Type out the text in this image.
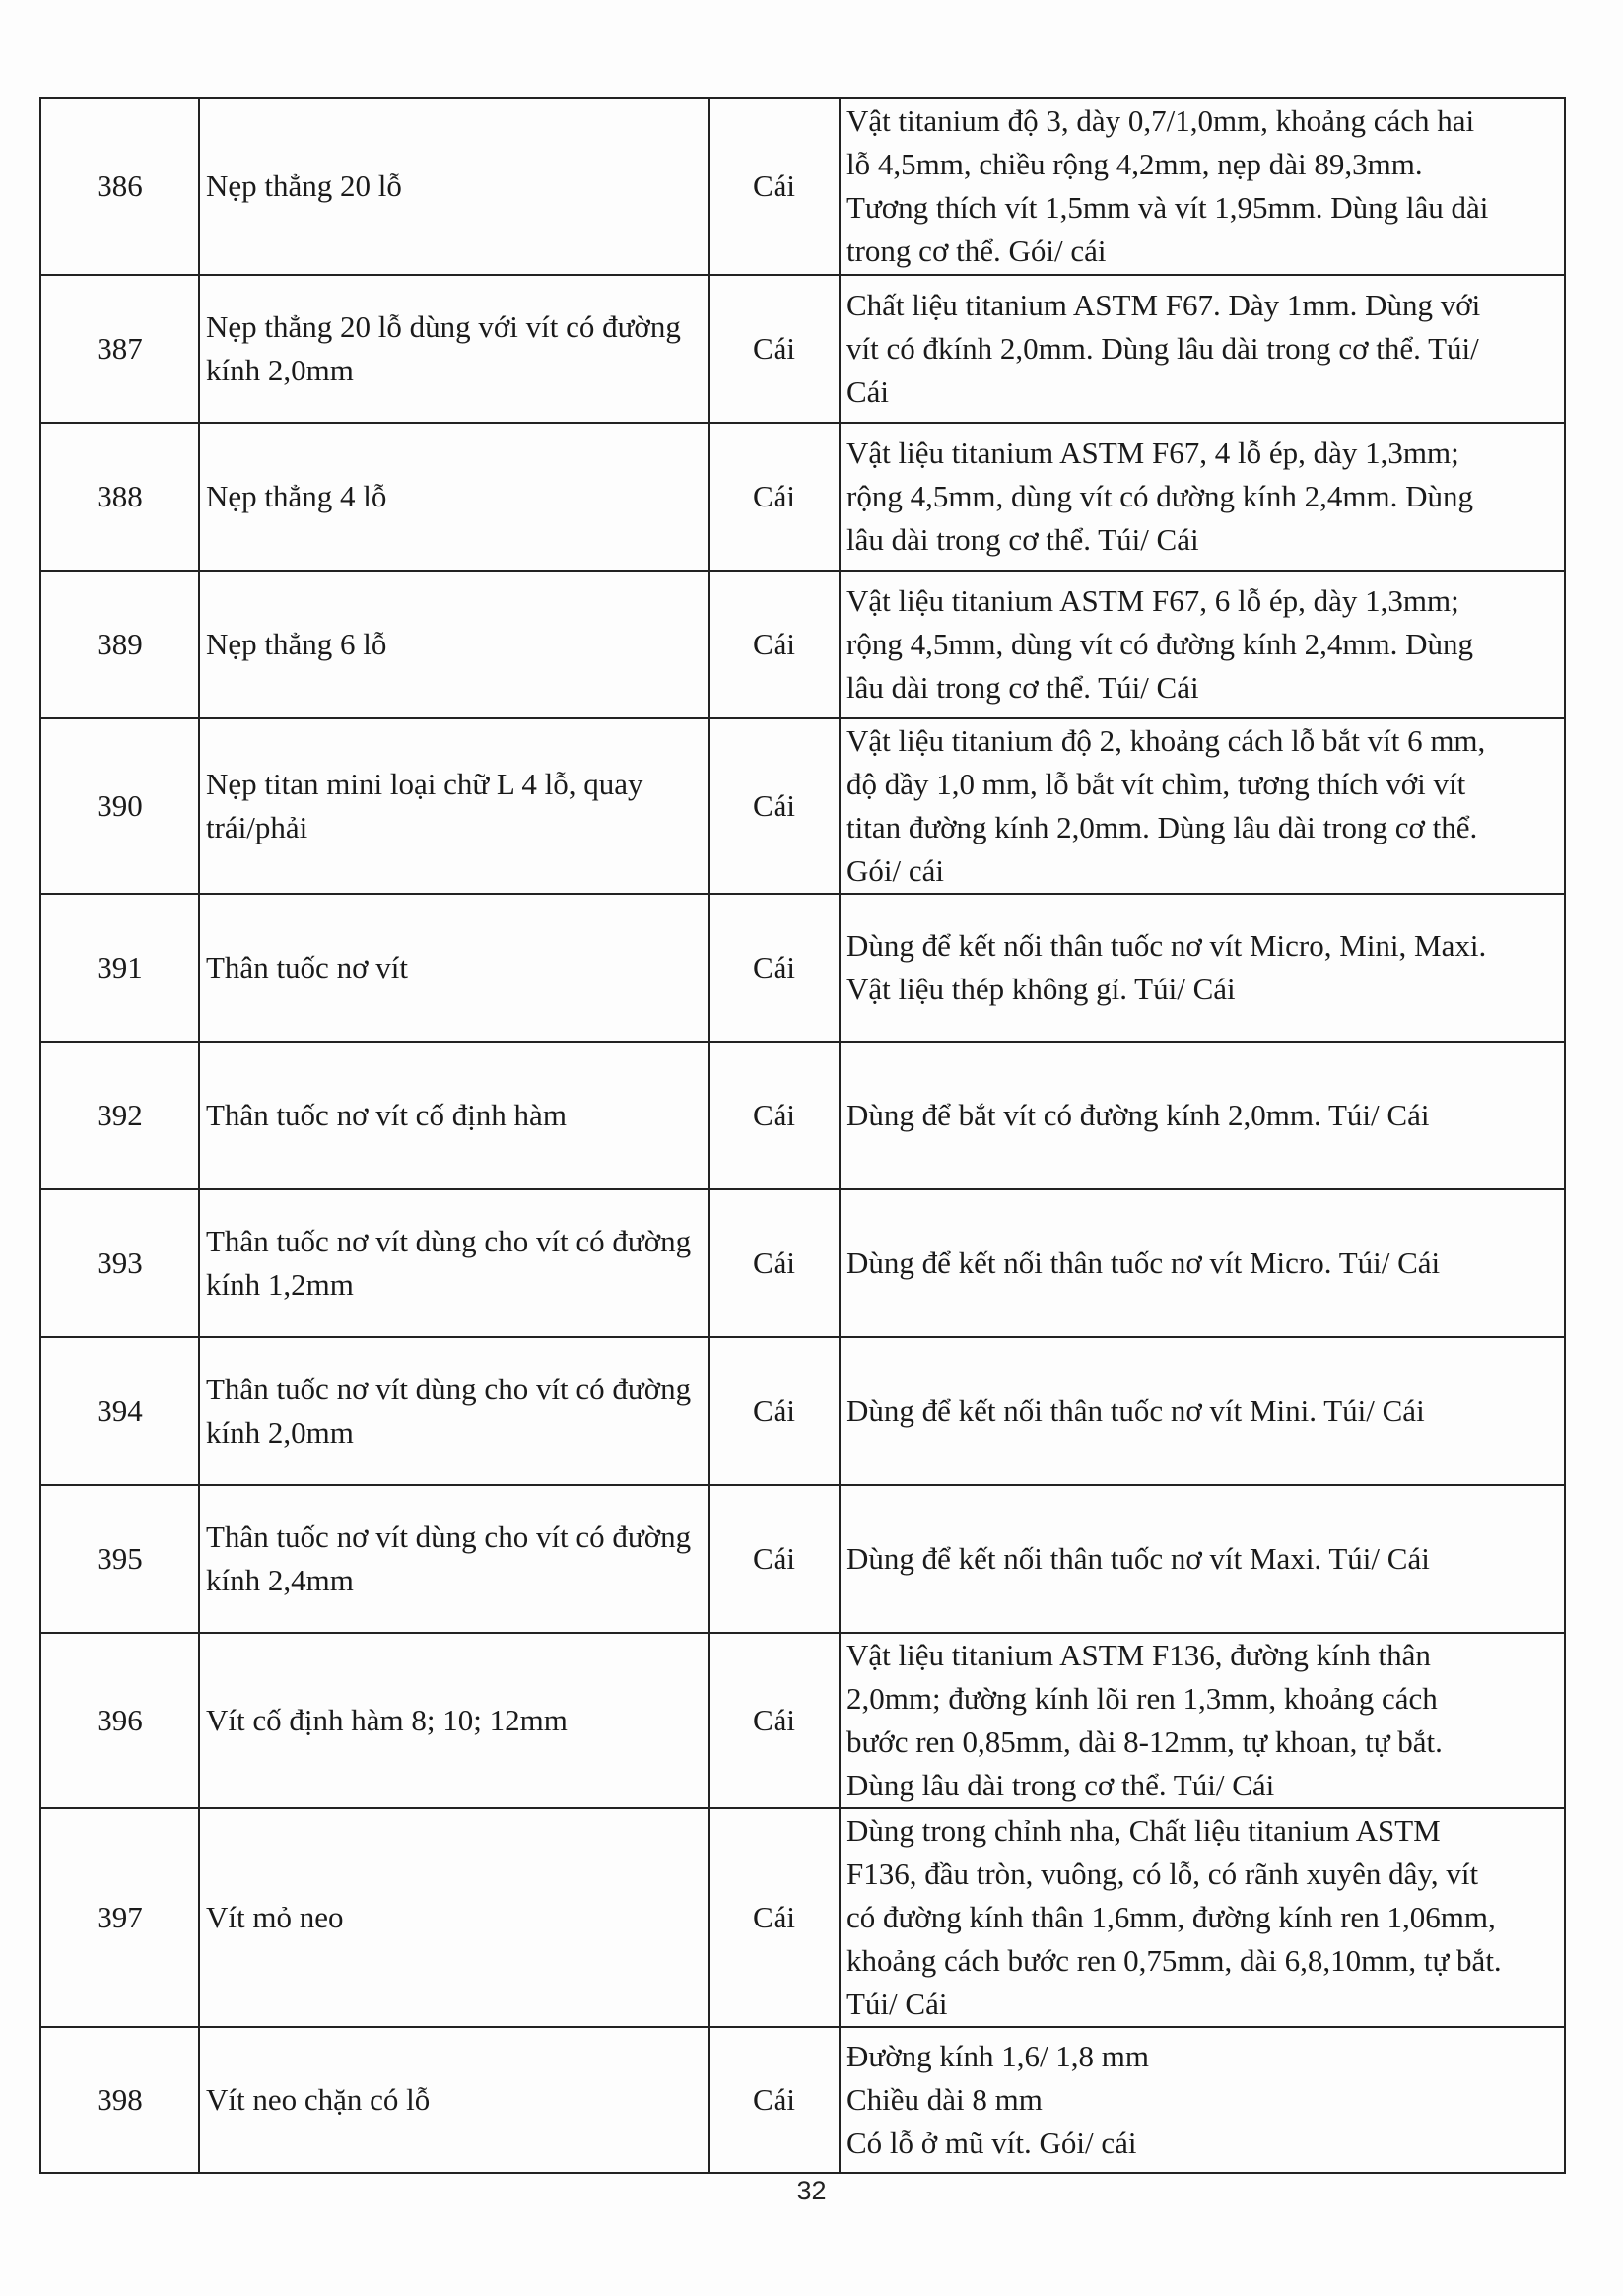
386	Nẹp thẳng 20 lỗ	Cái	Vật titanium độ 3, dày 0,7/1,0mm, khoảng cách hai
lỗ 4,5mm, chiều rộng 4,2mm, nẹp dài 89,3mm.
Tương thích vít 1,5mm và vít 1,95mm. Dùng lâu dài
trong cơ thể. Gói/ cái

387	Nẹp thẳng 20 lỗ dùng với vít có đường kính 2,0mm	Cái	Chất liệu titanium ASTM F67. Dày 1mm. Dùng với
vít có đkính 2,0mm. Dùng lâu dài trong cơ thể. Túi/
Cái

388	Nẹp thẳng 4 lỗ	Cái	Vật liệu titanium ASTM F67, 4 lỗ ép, dày 1,3mm;
rộng 4,5mm, dùng vít có dường kính 2,4mm. Dùng
lâu dài trong cơ thể. Túi/ Cái

389	Nẹp thẳng 6 lỗ	Cái	Vật liệu titanium ASTM F67, 6 lỗ ép, dày 1,3mm;
rộng 4,5mm, dùng vít có đường kính 2,4mm. Dùng
lâu dài trong cơ thể. Túi/ Cái

390	Nẹp titan mini loại chữ L 4 lỗ, quay trái/phải	Cái	Vật liệu titanium độ 2, khoảng cách lỗ bắt vít 6 mm,
độ dầy 1,0 mm, lỗ bắt vít chìm, tương thích với vít
titan đường kính 2,0mm. Dùng lâu dài trong cơ thể.
Gói/ cái

391	Thân tuốc nơ vít	Cái	Dùng để kết nối thân tuốc nơ vít Micro, Mini, Maxi.
Vật liệu thép không gỉ. Túi/ Cái

392	Thân tuốc nơ vít cố định hàm	Cái	Dùng để bắt vít có đường kính 2,0mm. Túi/ Cái

393	Thân tuốc nơ vít dùng cho vít có đường kính 1,2mm	Cái	Dùng để kết nối thân tuốc nơ vít Micro. Túi/ Cái

394	Thân tuốc nơ vít dùng cho vít có đường kính 2,0mm	Cái	Dùng để kết nối thân tuốc nơ vít Mini. Túi/ Cái

395	Thân tuốc nơ vít dùng cho vít có đường kính 2,4mm	Cái	Dùng để kết nối thân tuốc nơ vít Maxi. Túi/ Cái

396	Vít cố định hàm 8; 10; 12mm	Cái	Vật liệu titanium ASTM F136, đường kính thân
2,0mm; đường kính lõi ren 1,3mm, khoảng cách
bước ren 0,85mm, dài 8-12mm, tự khoan, tự bắt.
Dùng lâu dài trong cơ thể. Túi/ Cái

397	Vít mỏ neo	Cái	Dùng trong chỉnh nha, Chất liệu titanium ASTM
F136, đầu tròn, vuông, có lỗ, có rãnh xuyên dây, vít
có đường kính thân 1,6mm, đường kính ren 1,06mm,
khoảng cách bước ren 0,75mm, dài 6,8,10mm, tự bắt.
Túi/ Cái

398	Vít neo chặn có lỗ	Cái	Đường kính 1,6/ 1,8 mm
Chiều dài 8 mm
Có lỗ ở mũ vít. Gói/ cái
32
